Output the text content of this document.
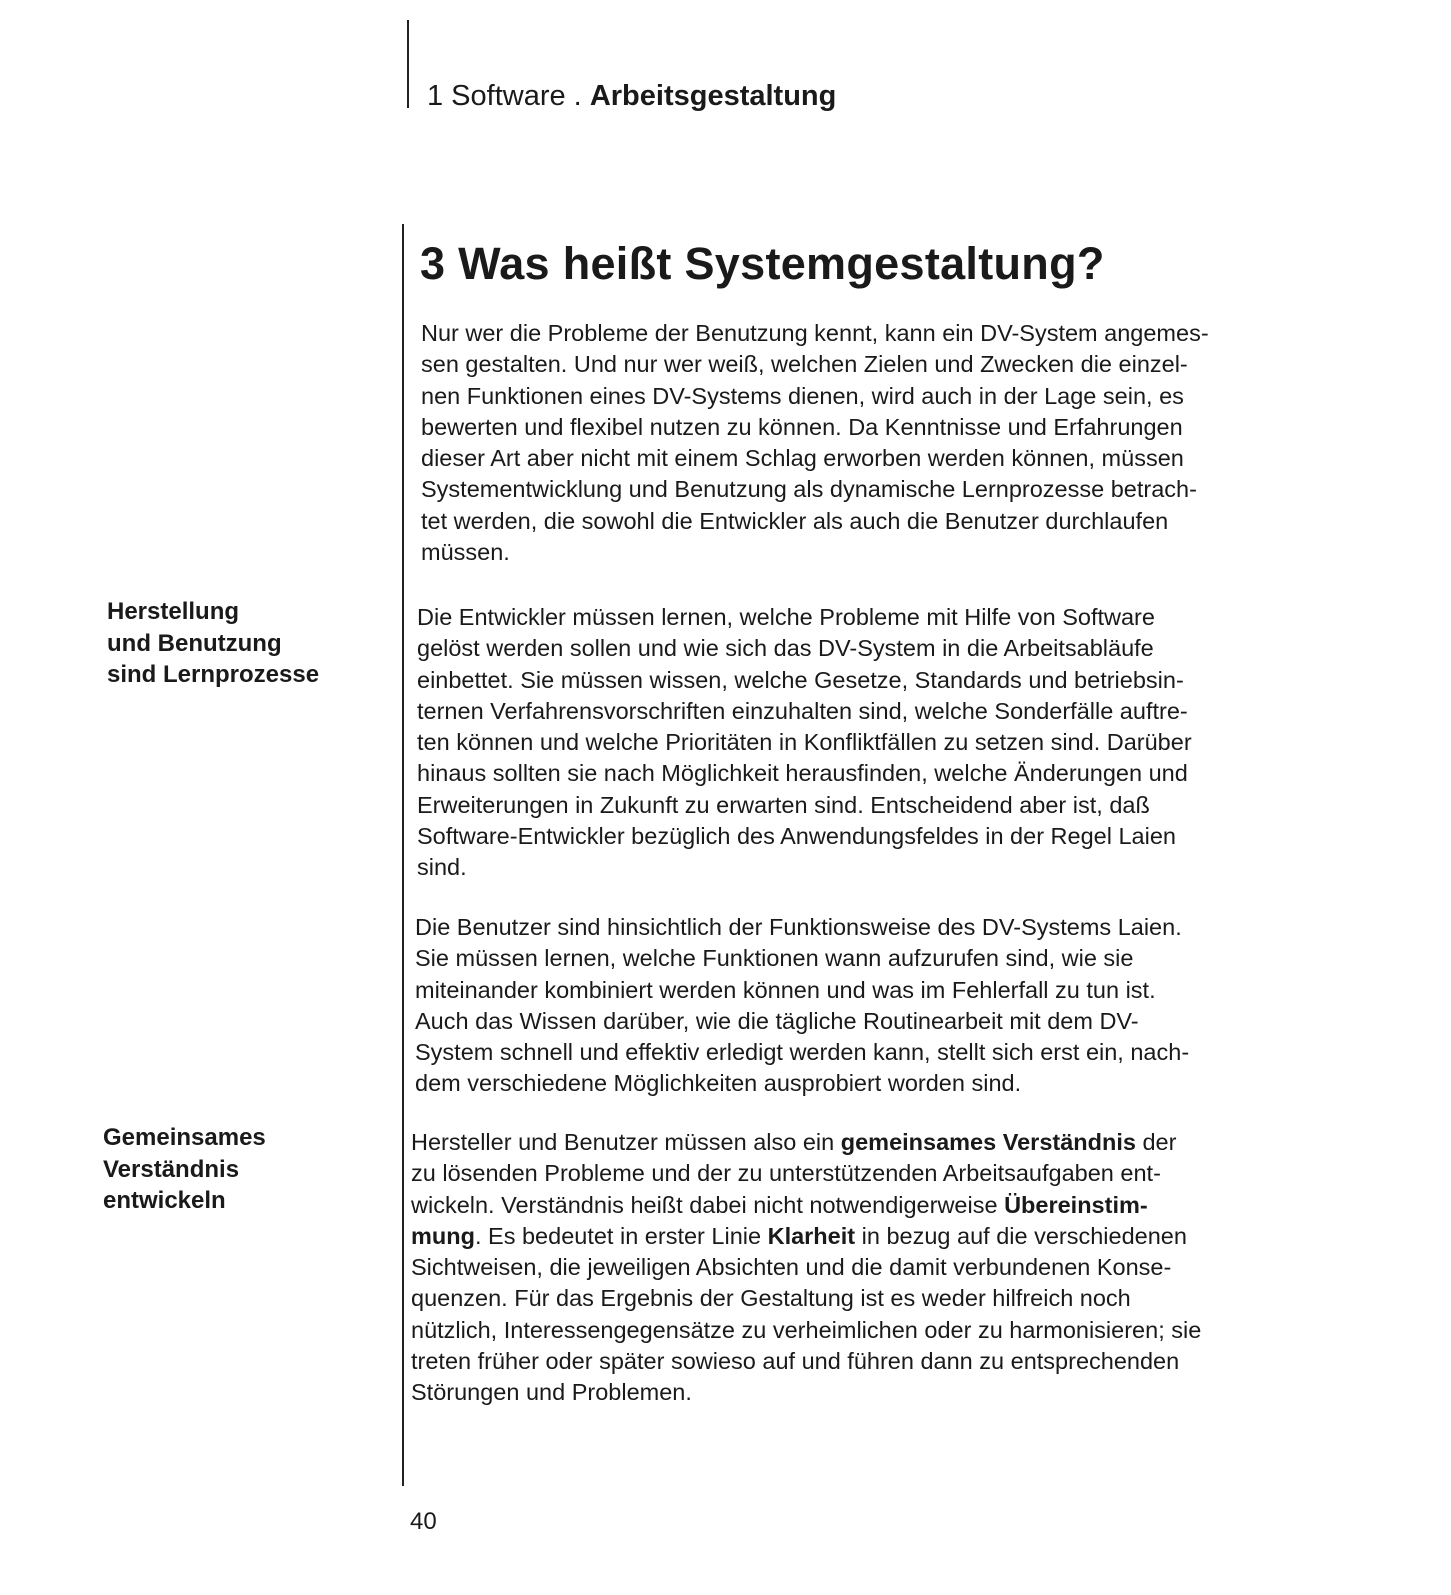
1 Software . Arbeitsgestaltung
3 Was heißt Systemgestaltung?
Nur wer die Probleme der Benutzung kennt, kann ein DV-System angemes-
sen gestalten. Und nur wer weiß, welchen Zielen und Zwecken die einzel-
nen Funktionen eines DV-Systems dienen, wird auch in der Lage sein, es
bewerten und flexibel nutzen zu können. Da Kenntnisse und Erfahrungen
dieser Art aber nicht mit einem Schlag erworben werden können, müssen
Systementwicklung und Benutzung als dynamische Lernprozesse betrach-
tet werden, die sowohl die Entwickler als auch die Benutzer durchlaufen
müssen.
Herstellung
und Benutzung
sind Lernprozesse
Die Entwickler müssen lernen, welche Probleme mit Hilfe von Software
gelöst werden sollen und wie sich das DV-System in die Arbeitsabläufe
einbettet. Sie müssen wissen, welche Gesetze, Standards und betriebsin-
ternen Verfahrensvorschriften einzuhalten sind, welche Sonderfälle auftre-
ten können und welche Prioritäten in Konfliktfällen zu setzen sind. Darüber
hinaus sollten sie nach Möglichkeit herausfinden, welche Änderungen und
Erweiterungen in Zukunft zu erwarten sind. Entscheidend aber ist, daß
Software-Entwickler bezüglich des Anwendungsfeldes in der Regel Laien
sind.
Die Benutzer sind hinsichtlich der Funktionsweise des DV-Systems Laien.
Sie müssen lernen, welche Funktionen wann aufzurufen sind, wie sie
miteinander kombiniert werden können und was im Fehlerfall zu tun ist.
Auch das Wissen darüber, wie die tägliche Routinearbeit mit dem DV-
System schnell und effektiv erledigt werden kann, stellt sich erst ein, nach-
dem verschiedene Möglichkeiten ausprobiert worden sind.
Gemeinsames
Verständnis
entwickeln
Hersteller und Benutzer müssen also ein gemeinsames Verständnis der
zu lösenden Probleme und der zu unterstützenden Arbeitsaufgaben ent-
wickeln. Verständnis heißt dabei nicht notwendigerweise Übereinstim-
mung. Es bedeutet in erster Linie Klarheit in bezug auf die verschiedenen
Sichtweisen, die jeweiligen Absichten und die damit verbundenen Konse-
quenzen. Für das Ergebnis der Gestaltung ist es weder hilfreich noch
nützlich, Interessengegensätze zu verheimlichen oder zu harmonisieren; sie
treten früher oder später sowieso auf und führen dann zu entsprechenden
Störungen und Problemen.
40
